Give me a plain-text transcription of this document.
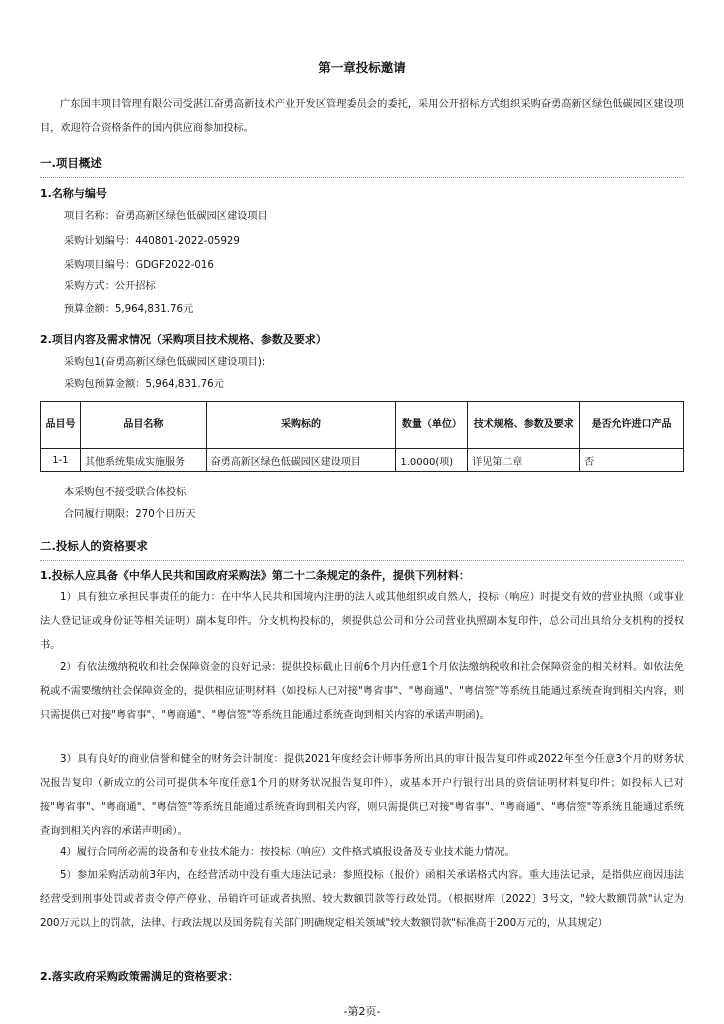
第一章投标邀请
广东国丰项目管理有限公司受湛江奋勇高新技术产业开发区管理委员会的委托，采用公开招标方式组织采购奋勇高新区绿色低碳园区建设项目，欢迎符合资格条件的国内供应商参加投标。
一.项目概述
1.名称与编号
项目名称：奋勇高新区绿色低碳园区建设项目
采购计划编号：440801-2022-05929
采购项目编号：GDGF2022-016
采购方式：公开招标
预算金额：5,964,831.76元
2.项目内容及需求情况（采购项目技术规格、参数及要求）
采购包1(奋勇高新区绿色低碳园区建设项目):
采购包预算金额：5,964,831.76元
品目号	品目名称	采购标的	数量（单位）	技术规格、参数及要求	是否允许进口产品
1-1	其他系统集成实施服务	奋勇高新区绿色低碳园区建设项目	1.0000(项)	详见第二章	否
本采购包不接受联合体投标
合同履行期限：270个日历天
二.投标人的资格要求
1.投标人应具备《中华人民共和国政府采购法》第二十二条规定的条件，提供下列材料：
1）具有独立承担民事责任的能力：在中华人民共和国境内注册的法人或其他组织或自然人，投标（响应）时提交有效的营业执照（或事业法人登记证或身份证等相关证明）副本复印件。分支机构投标的，须提供总公司和分公司营业执照副本复印件，总公司出具给分支机构的授权书。
2）有依法缴纳税收和社会保障资金的良好记录：提供投标截止日前6个月内任意1个月依法缴纳税收和社会保障资金的相关材料。如依法免税或不需要缴纳社会保障资金的，提供相应证明材料（如投标人已对接"粤省事"、"粤商通"、"粤信签"等系统且能通过系统查询到相关内容，则只需提供已对接"粤省事"、"粤商通"、"粤信签"等系统且能通过系统查询到相关内容的承诺声明函)。
3）具有良好的商业信誉和健全的财务会计制度：提供2021年度经会计师事务所出具的审计报告复印件或2022年至今任意3个月的财务状况报告复印（新成立的公司可提供本年度任意1个月的财务状况报告复印件），或基本开户行银行出具的资信证明材料复印件；如投标人已对接"粤省事"、"粤商通"、"粤信签"等系统且能通过系统查询到相关内容，则只需提供已对接"粤省事"、"粤商通"、"粤信签"等系统且能通过系统查询到相关内容的承诺声明函）。
4）履行合同所必需的设备和专业技术能力：按投标（响应）文件格式填报设备及专业技术能力情况。
5）参加采购活动前3年内，在经营活动中没有重大违法记录：参照投标（报价）函相关承诺格式内容。重大违法记录，是指供应商因违法经营受到刑事处罚或者责令停产停业、吊销许可证或者执照、较大数额罚款等行政处罚。（根据财库〔2022〕3号文，"较大数额罚款"认定为200万元以上的罚款，法律、行政法规以及国务院有关部门明确规定相关领域"较大数额罚款"标准高于200万元的，从其规定）
2.落实政府采购政策需满足的资格要求：
-第2页-
